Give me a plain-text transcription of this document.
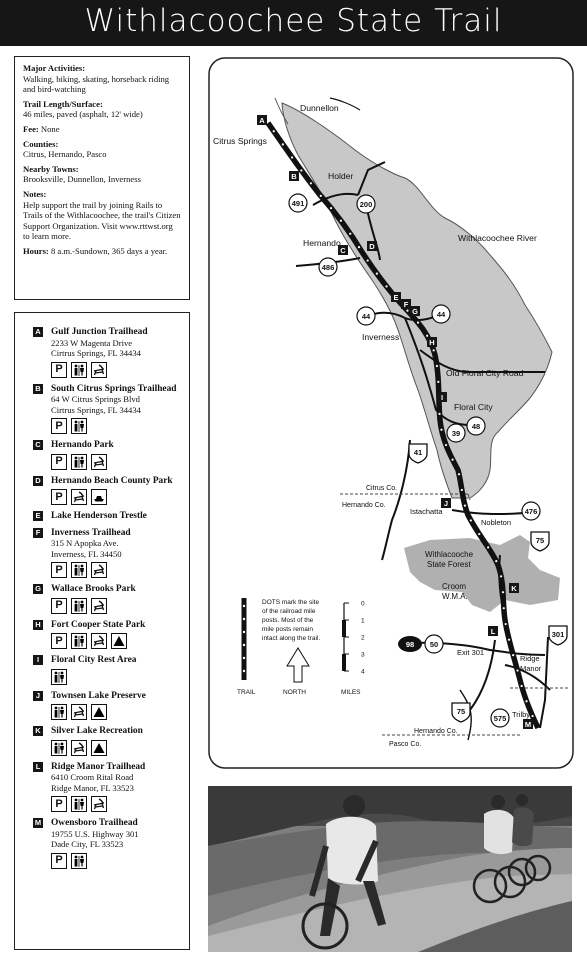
Withlacoochee State Trail

Major Activities:

Walking, biking, skating, horseback riding and bird-watching

Trail Length/Surface:

46 miles, paved (asphalt, 12' wide)

Fee: None

Counties:

Citrus, Hernando, Pasco

Nearby Towns:

Brooksville, Dunnellon, Inverness

Notes:

Help support the trail by joining Rails to Trails of the Withlacoochee, the trail's Citizen Support Organization. Visit www.rttwst.org to learn more.

Hours: 8 a.m.-Sundown, 365 days a year.

A Gulf Junction Trailhead
2233 W Magenta Drive
Cirtrus Springs, FL 34434
P
B South Citrus Springs Trailhead
64 W Citrus Springs Blvd
Cirtrus Springs, FL 34434
P
C Hernando Park
P
D Hernando Beach County Park
P
E Lake Henderson Trestle
F Inverness Trailhead
315 N Apopka Ave.
Inverness, FL 34450
P
G Wallace Brooks Park
P
H Fort Cooper State Park
P
I	Floral City Rest Area
J	Townsen Lake Preserve
K Silver Lake Recreation
L Ridge Manor Trailhead
6410 Croom Rital Road
Ridge Manor, FL 33523
P
M Owensboro Trailhead
19755 U.S. Highway 301
Dade City, FL 33523
P
A
B
C	D
E
F
G
H
I
J
K
L
M
491	200
486
44	44
41
39
48
476
75
98 50
301
75
575
Dunnellon
Citrus Springs
Holder
Hernando	Withlacoochee River
Inverness
Old Floral City Road
Floral City
Citrus Co.
Hernando Co.
Istachatta
Nobleton
Withlacooche
State Forest
Croom
W.M.A.
Exit 301
Ridge
Manor
Trilby
Hernando Co.
Pasco Co.
TRAIL
DOTS mark the site
of the railroad mile
posts. Most of the
mile posts remain
intact along the trail.
NORTH
0
1
2
3
4
MILES
